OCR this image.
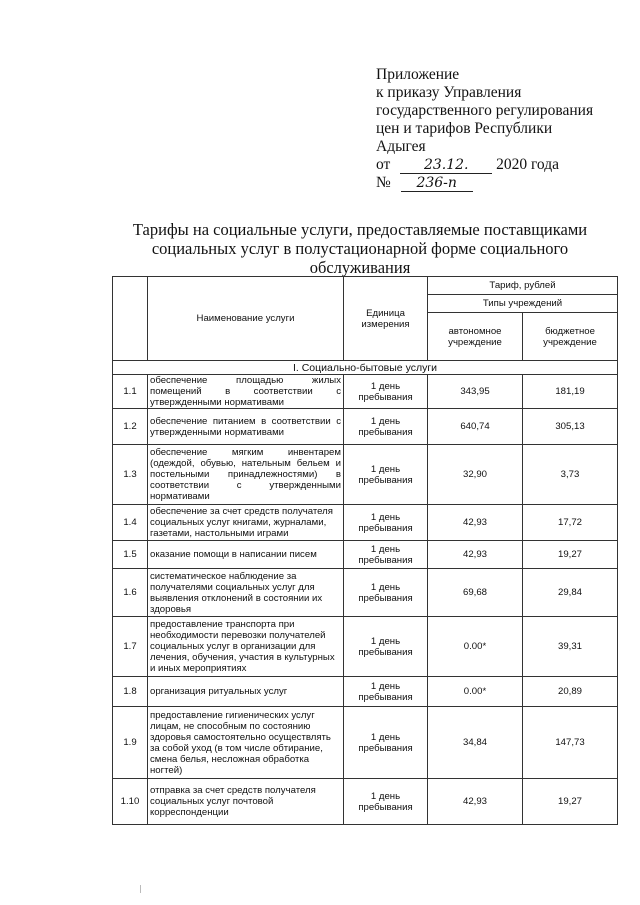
Приложение
к приказу Управления
государственного регулирования
цен и тарифов Республики
Адыгея
от 23.12. 2020 года
№ 236-п
Тарифы на социальные услуги, предоставляемые поставщиками
социальных услуг в полустационарной форме социального обслуживания
	Наименование услуги	Единица измерения	Тариф, рублей	
			Типы учреждений	
			автономное учреждение	бюджетное учреждение
I. Социально-бытовые услуги				
1.1	обеспечение площадью жилых помещений в соответствии с утвержденными нормативами	1 день пребывания	343,95	181,19
1.2	обеспечение питанием в соответствии с утвержденными нормативами	1 день пребывания	640,74	305,13
1.3	обеспечение мягким инвентарем (одеждой, обувью, нательным бельем и постельными принадлежностями) в соответствии с утвержденными нормативами	1 день пребывания	32,90	3,73
1.4	обеспечение за счет средств получателя социальных услуг книгами, журналами, газетами, настольными играми	1 день пребывания	42,93	17,72
1.5	оказание помощи в написании писем	1 день пребывания	42,93	19,27
1.6	систематическое наблюдение за получателями социальных услуг для выявления отклонений в состоянии их здоровья	1 день пребывания	69,68	29,84
1.7	предоставление транспорта при необходимости перевозки получателей социальных услуг в организации для лечения, обучения, участия в культурных и иных мероприятиях	1 день пребывания	0.00*	39,31
1.8	организация ритуальных услуг	1 день пребывания	0.00*	20,89
1.9	предоставление гигиенических услуг лицам, не способным по состоянию здоровья самостоятельно осуществлять за собой уход (в том числе обтирание, смена белья, несложная обработка ногтей)	1 день пребывания	34,84	147,73
1.10	отправка за счет средств получателя социальных услуг почтовой корреспонденции	1 день пребывания	42,93	19,27
